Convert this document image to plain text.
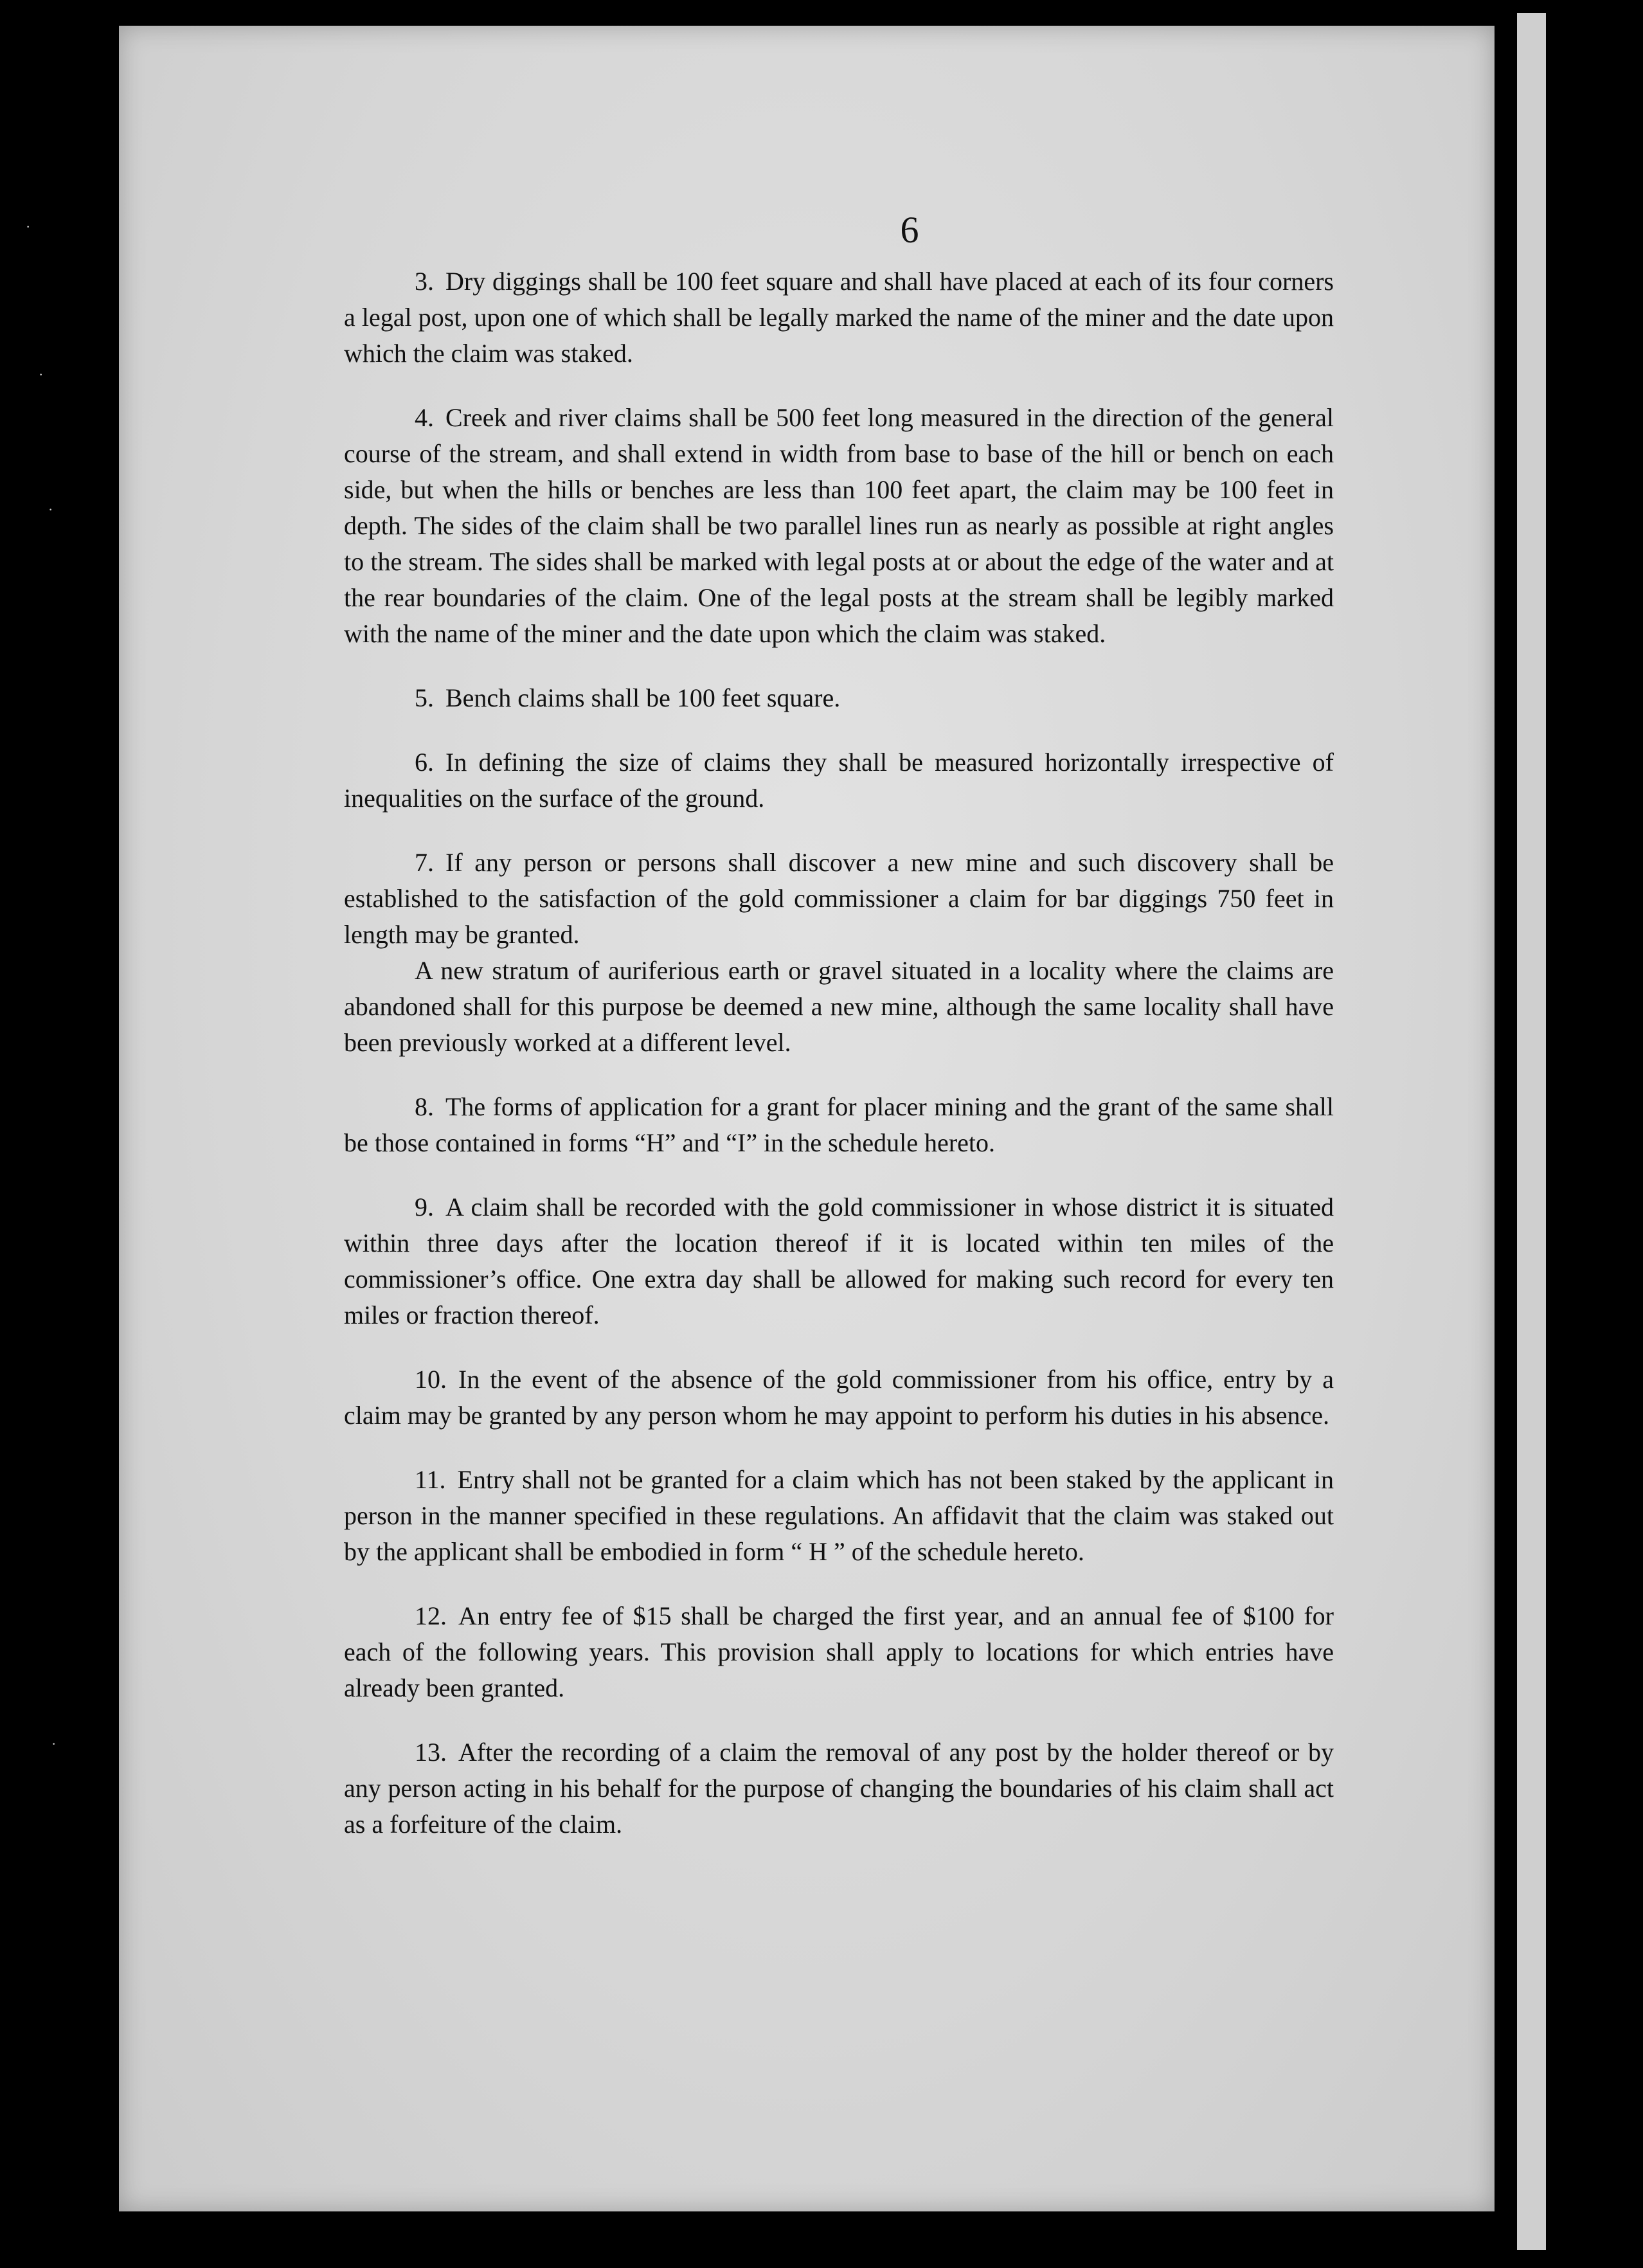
·
·
·
·
6

3. Dry diggings shall be 100 feet square and shall have placed at each of its four corners a legal post, upon one of which shall be legally marked the name of the miner and the date upon which the claim was staked.

4. Creek and river claims shall be 500 feet long measured in the direction of the general course of the stream, and shall extend in width from base to base of the hill or bench on each side, but when the hills or benches are less than 100 feet apart, the claim may be 100 feet in depth. The sides of the claim shall be two parallel lines run as nearly as possible at right angles to the stream. The sides shall be marked with legal posts at or about the edge of the water and at the rear boundaries of the claim. One of the legal posts at the stream shall be legibly marked with the name of the miner and the date upon which the claim was staked.

5. Bench claims shall be 100 feet square.

6. In defining the size of claims they shall be measured horizontally irrespective of inequalities on the surface of the ground.

7. If any person or persons shall discover a new mine and such discovery shall be established to the satisfaction of the gold commissioner a claim for bar diggings 750 feet in length may be granted.

A new stratum of auriferious earth or gravel situated in a locality where the claims are abandoned shall for this purpose be deemed a new mine, although the same locality shall have been previously worked at a different level.

8. The forms of application for a grant for placer mining and the grant of the same shall be those contained in forms “H” and “I” in the schedule hereto.

9. A claim shall be recorded with the gold commissioner in whose district it is situated within three days after the location thereof if it is located within ten miles of the commissioner’s office. One extra day shall be allowed for making such record for every ten miles or fraction thereof.

10. In the event of the absence of the gold commissioner from his office, entry by a claim may be granted by any person whom he may appoint to perform his duties in his absence.

11. Entry shall not be granted for a claim which has not been staked by the applicant in person in the manner specified in these regulations. An affidavit that the claim was staked out by the applicant shall be embodied in form “ H ” of the schedule hereto.

12. An entry fee of $15 shall be charged the first year, and an annual fee of $100 for each of the following years. This provision shall apply to locations for which entries have already been granted.

13. After the recording of a claim the removal of any post by the holder thereof or by any person acting in his behalf for the purpose of changing the boundaries of his claim shall act as a forfeiture of the claim.
